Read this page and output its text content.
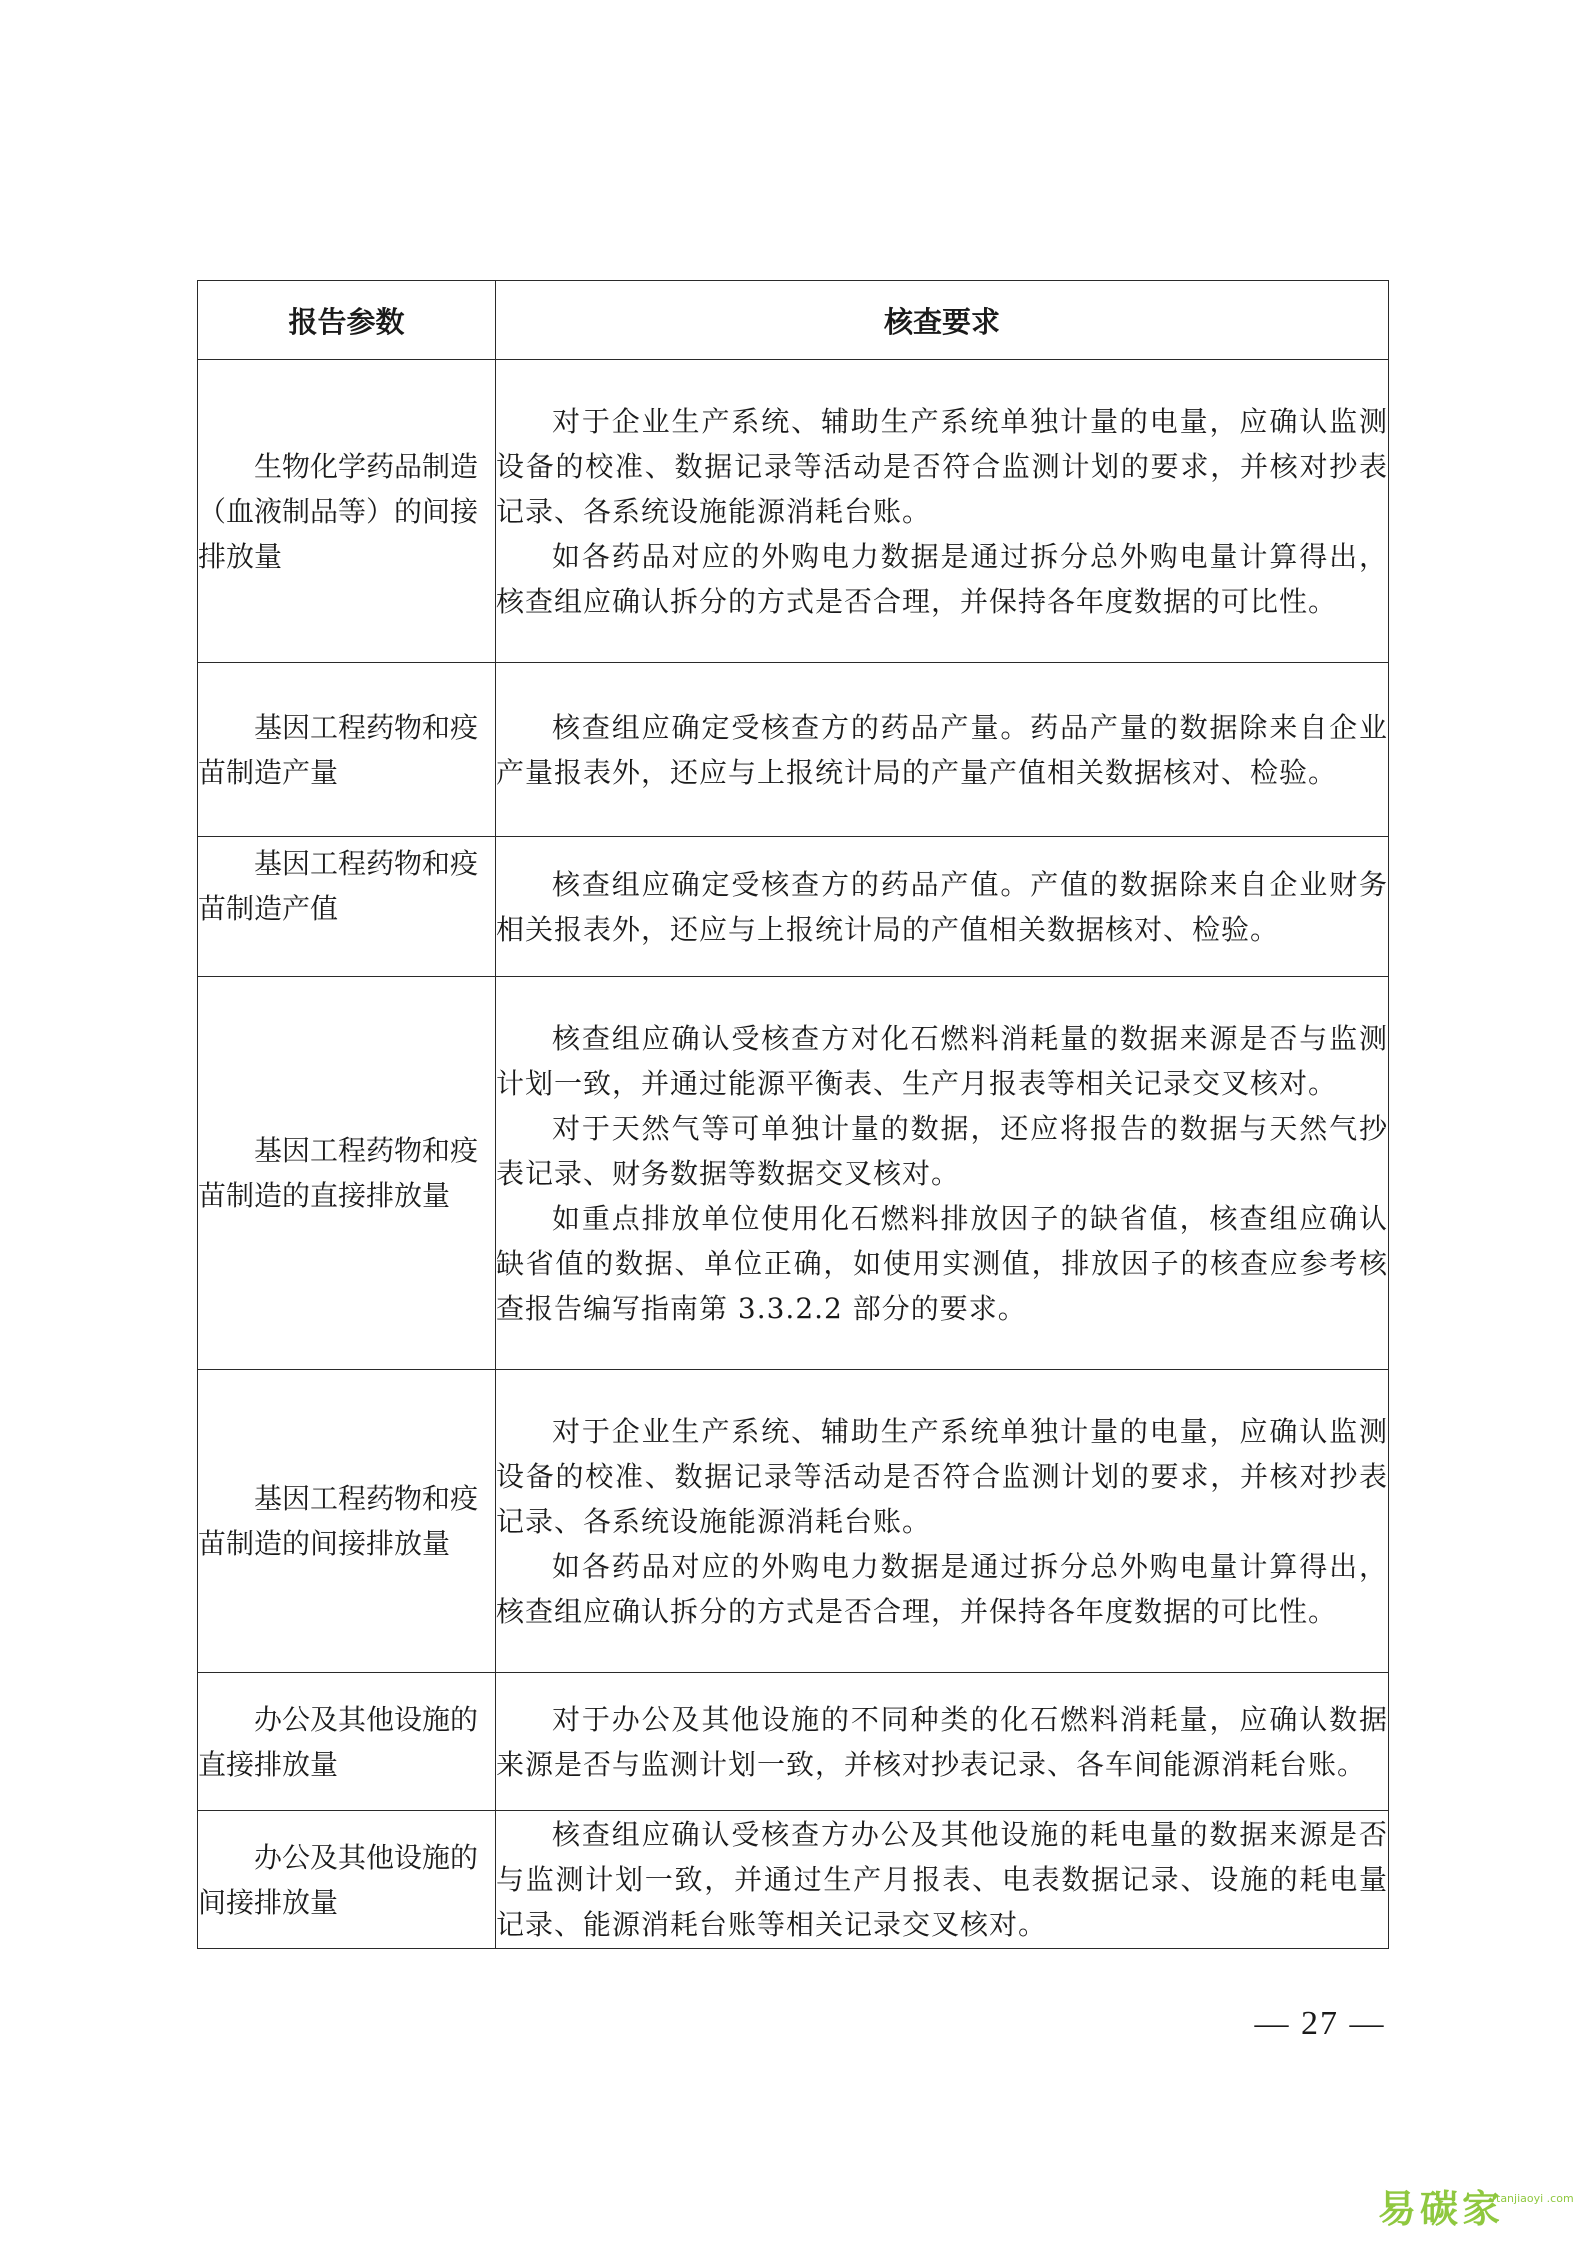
报告参数	核查要求

生物化学药品制造（血液制品等）的间接排放量	对于企业生产系统、辅助生产系统单独计量的电量，应确认监测设备的校准、数据记录等活动是否符合监测计划的要求，并核对抄表记录、各系统设施能源消耗台账。

如各药品对应的外购电力数据是通过拆分总外购电量计算得出，核查组应确认拆分的方式是否合理，并保持各年度数据的可比性。

基因工程药物和疫苗制造产量	核查组应确定受核查方的药品产量。药品产量的数据除来自企业产量报表外，还应与上报统计局的产量产值相关数据核对、检验。

基因工程药物和疫苗制造产值	核查组应确定受核查方的药品产值。产值的数据除来自企业财务相关报表外，还应与上报统计局的产值相关数据核对、检验。

基因工程药物和疫苗制造的直接排放量	核查组应确认受核查方对化石燃料消耗量的数据来源是否与监测计划一致，并通过能源平衡表、生产月报表等相关记录交叉核对。

对于天然气等可单独计量的数据，还应将报告的数据与天然气抄表记录、财务数据等数据交叉核对。

如重点排放单位使用化石燃料排放因子的缺省值，核查组应确认缺省值的数据、单位正确，如使用实测值，排放因子的核查应参考核查报告编写指南第 3.3.2.2 部分的要求。

基因工程药物和疫苗制造的间接排放量	对于企业生产系统、辅助生产系统单独计量的电量，应确认监测设备的校准、数据记录等活动是否符合监测计划的要求，并核对抄表记录、各系统设施能源消耗台账。

如各药品对应的外购电力数据是通过拆分总外购电量计算得出，核查组应确认拆分的方式是否合理，并保持各年度数据的可比性。

办公及其他设施的直接排放量	对于办公及其他设施的不同种类的化石燃料消耗量，应确认数据来源是否与监测计划一致，并核对抄表记录、各车间能源消耗台账。

办公及其他设施的间接排放量	核查组应确认受核查方办公及其他设施的耗电量的数据来源是否与监测计划一致，并通过生产月报表、电表数据记录、设施的耗电量记录、能源消耗台账等相关记录交叉核对。

— 27 —
易碳家
tanjiaoyi .com
